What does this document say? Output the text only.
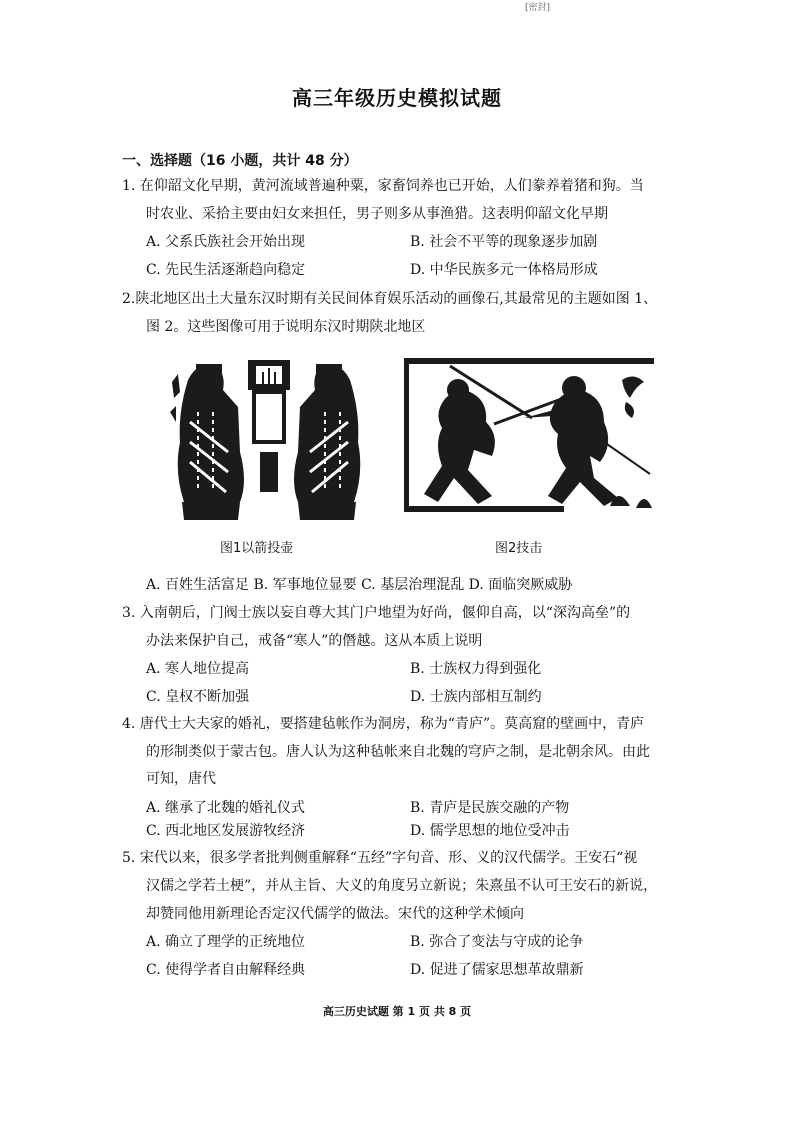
[密封]
高三年级历史模拟试题
一、选择题（16 小题，共计 48 分）
1. 在仰韶文化早期，黄河流域普遍种粟，家畜饲养也已开始，人们豢养着猪和狗。当
时农业、采拾主要由妇女来担任，男子则多从事渔猎。这表明仰韶文化早期
A. 父系氏族社会开始出现	B. 社会不平等的现象逐步加剧
C. 先民生活逐渐趋向稳定	D. 中华民族多元一体格局形成
2.陕北地区出土大量东汉时期有关民间体育娱乐活动的画像石,其最常见的主题如图 1、
图 2。这些图像可用于说明东汉时期陕北地区
图1以箭投壶	图2技击
A. 百姓生活富足 B. 军事地位显要 C. 基层治理混乱 D. 面临突厥威胁
3. 入南朝后，门阀士族以妄自尊大其门户地望为好尚，偃仰自高，以“深沟高垒”的
办法来保护自己，戒备“寒人”的僭越。这从本质上说明
A. 寒人地位提高	B. 士族权力得到强化
C. 皇权不断加强	D. 士族内部相互制约
4. 唐代士大夫家的婚礼，要搭建毡帐作为洞房，称为“青庐”。莫高窟的壁画中，青庐
的形制类似于蒙古包。唐人认为这种毡帐来自北魏的穹庐之制，是北朝余风。由此
可知，唐代
A. 继承了北魏的婚礼仪式	B. 青庐是民族交融的产物
C. 西北地区发展游牧经济	D. 儒学思想的地位受冲击
5. 宋代以来，很多学者批判侧重解释“五经”字句音、形、义的汉代儒学。王安石“视
汉儒之学若土梗”，并从主旨、大义的角度另立新说；朱熹虽不认可王安石的新说，
却赞同他用新理论否定汉代儒学的做法。宋代的这种学术倾向
A. 确立了理学的正统地位	B. 弥合了变法与守成的论争
C. 使得学者自由解释经典	D. 促进了儒家思想革故鼎新
高三历史试题 第 1 页 共 8 页
